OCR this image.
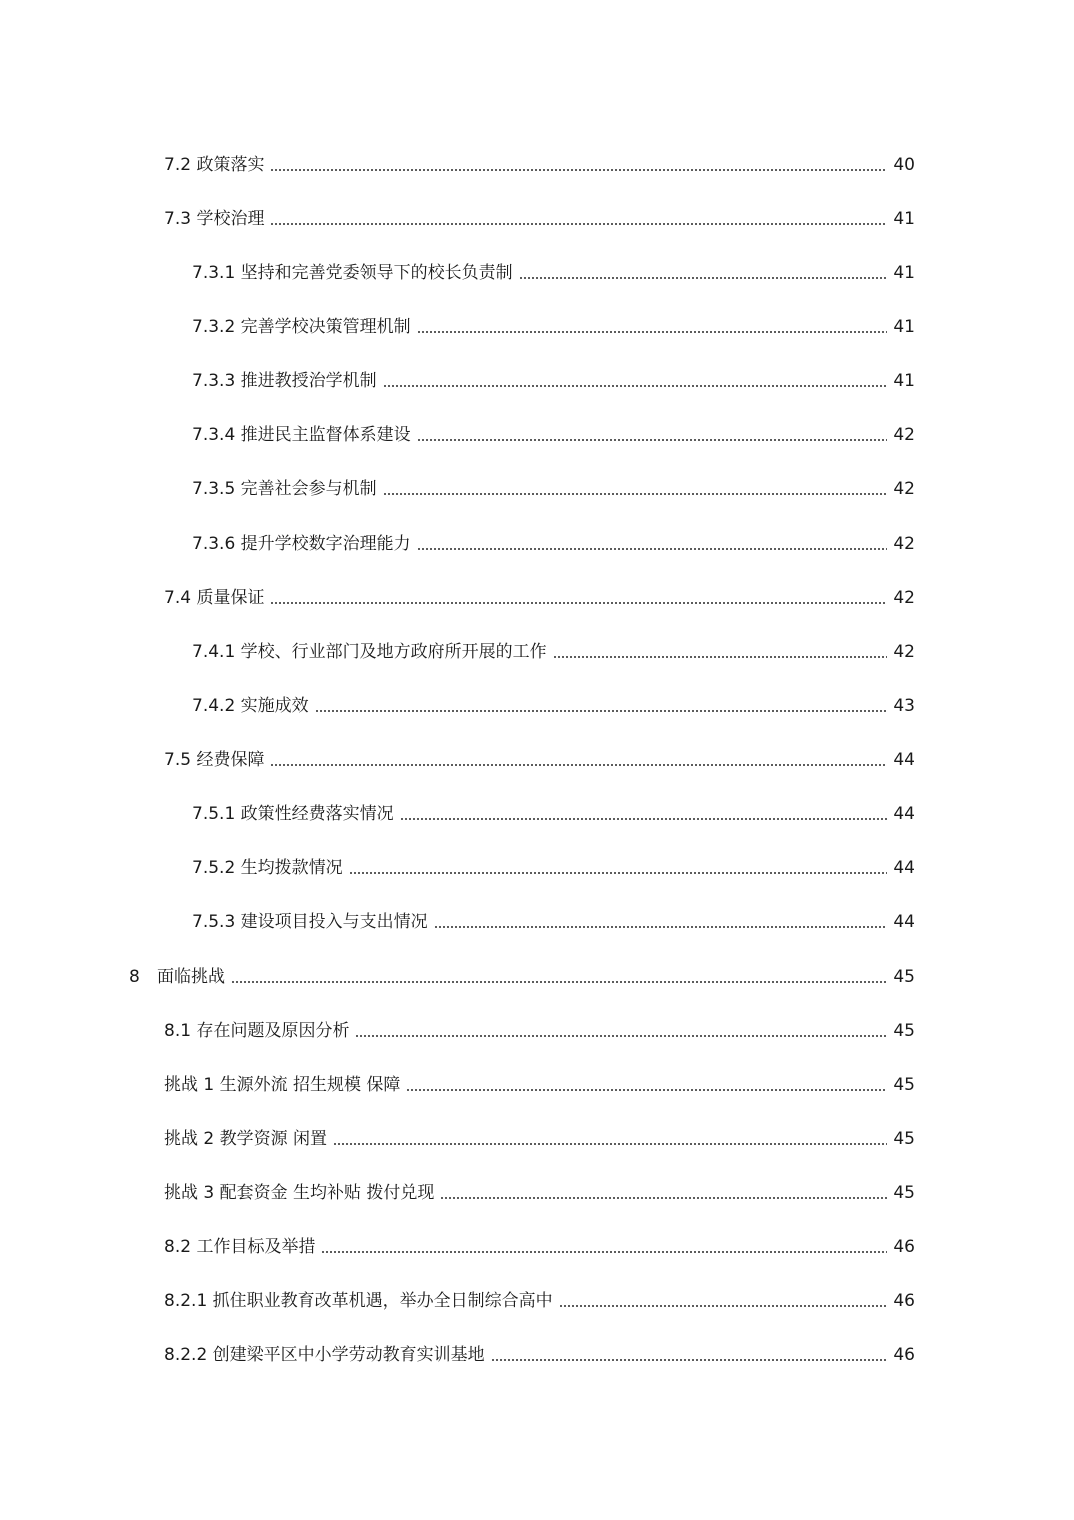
7.2 政策落实	40
7.3 学校治理	41
7.3.1 坚持和完善党委领导下的校长负责制	41
7.3.2 完善学校决策管理机制	41
7.3.3 推进教授治学机制	41
7.3.4 推进民主监督体系建设	42
7.3.5 完善社会参与机制	42
7.3.6 提升学校数字治理能力	42
7.4 质量保证	42
7.4.1 学校、行业部门及地方政府所开展的工作	42
7.4.2 实施成效	43
7.5 经费保障	44
7.5.1 政策性经费落实情况	44
7.5.2 生均拨款情况	44
7.5.3 建设项目投入与支出情况	44
8	面临挑战	45
8.1 存在问题及原因分析	45
挑战 1 生源外流 招生规模 保障	45
挑战 2 教学资源 闲置	45
挑战 3 配套资金 生均补贴 拨付兑现	45
8.2 工作目标及举措	46
8.2.1 抓住职业教育改革机遇，举办全日制综合高中	46
8.2.2 创建梁平区中小学劳动教育实训基地	46
